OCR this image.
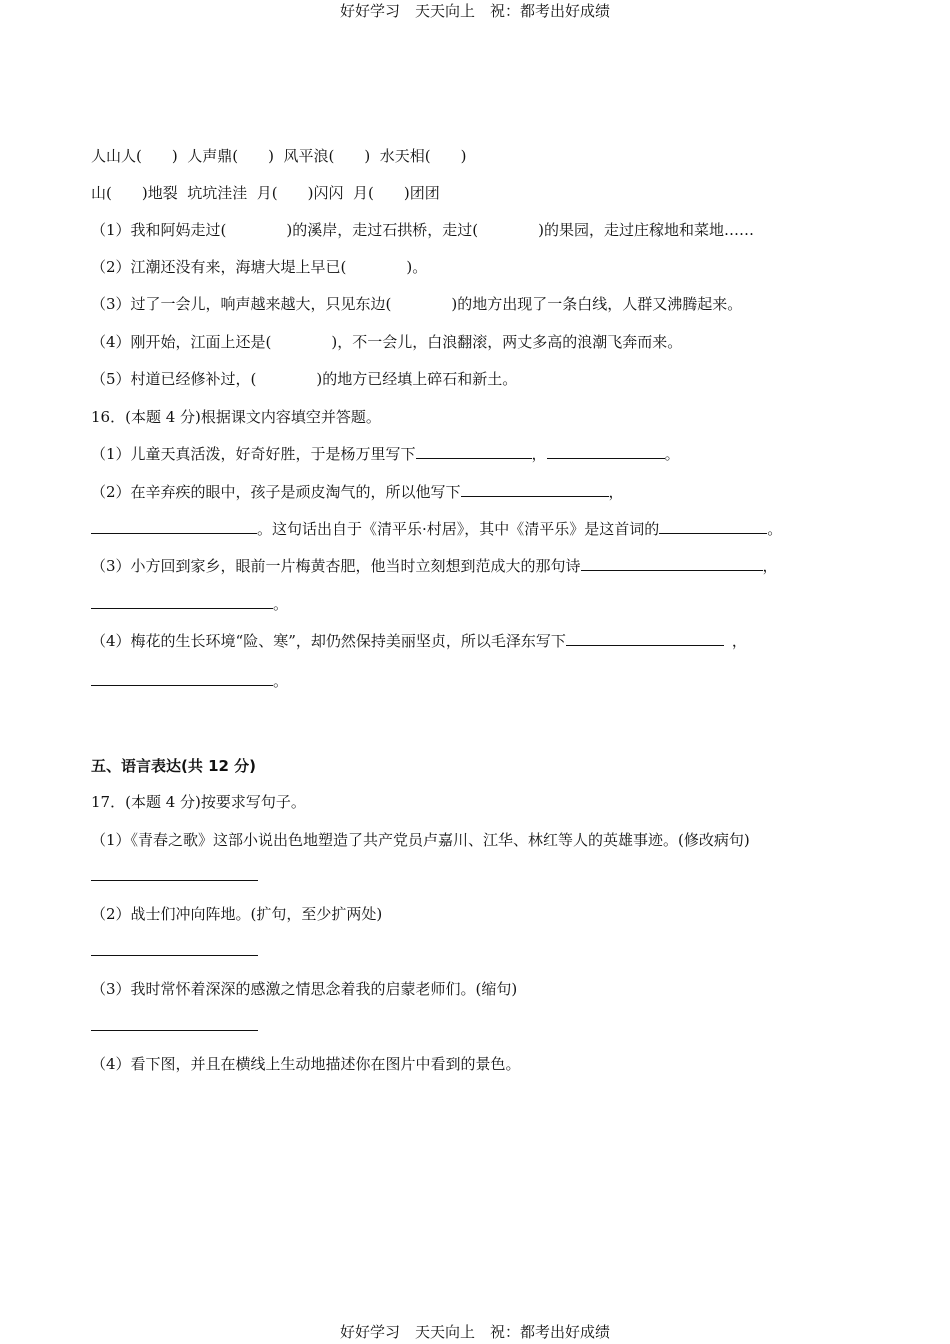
好好学习　天天向上　祝：都考出好成绩
人山人(　　)  人声鼎(　　)  风平浪(　　)  水天相(　　)
山(　　)地裂  坑坑洼洼  月(　　)闪闪  月(　　)团团
（1）我和阿妈走过(　　　　)的溪岸，走过石拱桥，走过(　　　　)的果园，走过庄稼地和菜地……
（2）江潮还没有来，海塘大堤上早已(　　　　)。
（3）过了一会儿，响声越来越大，只见东边(　　　　)的地方出现了一条白线，人群又沸腾起来。
（4）刚开始，江面上还是(　　　　)，不一会儿，白浪翻滚，两丈多高的浪潮飞奔而来。
（5）村道已经修补过，(　　　　)的地方已经填上碎石和新土。
16．(本题 4 分)根据课文内容填空并答题。
（1）儿童天真活泼，好奇好胜，于是杨万里写下	，	。
（2）在辛弃疾的眼中，孩子是顽皮淘气的，所以他写下	，
。这句话出自于《清平乐·村居》，其中《清平乐》是这首词的	。
（3）小方回到家乡，眼前一片梅黄杏肥，他当时立刻想到范成大的那句诗	，
。
（4）梅花的生长环境“险、寒”，却仍然保持美丽坚贞，所以毛泽东写下	，
。
五、语言表达(共 12 分)
17．(本题 4 分)按要求写句子。
（1）《青春之歌》这部小说出色地塑造了共产党员卢嘉川、江华、林红等人的英雄事迹。(修改病句)
（2）战士们冲向阵地。(扩句，至少扩两处)
（3）我时常怀着深深的感激之情思念着我的启蒙老师们。(缩句)
（4）看下图，并且在横线上生动地描述你在图片中看到的景色。
好好学习　天天向上　祝：都考出好成绩
